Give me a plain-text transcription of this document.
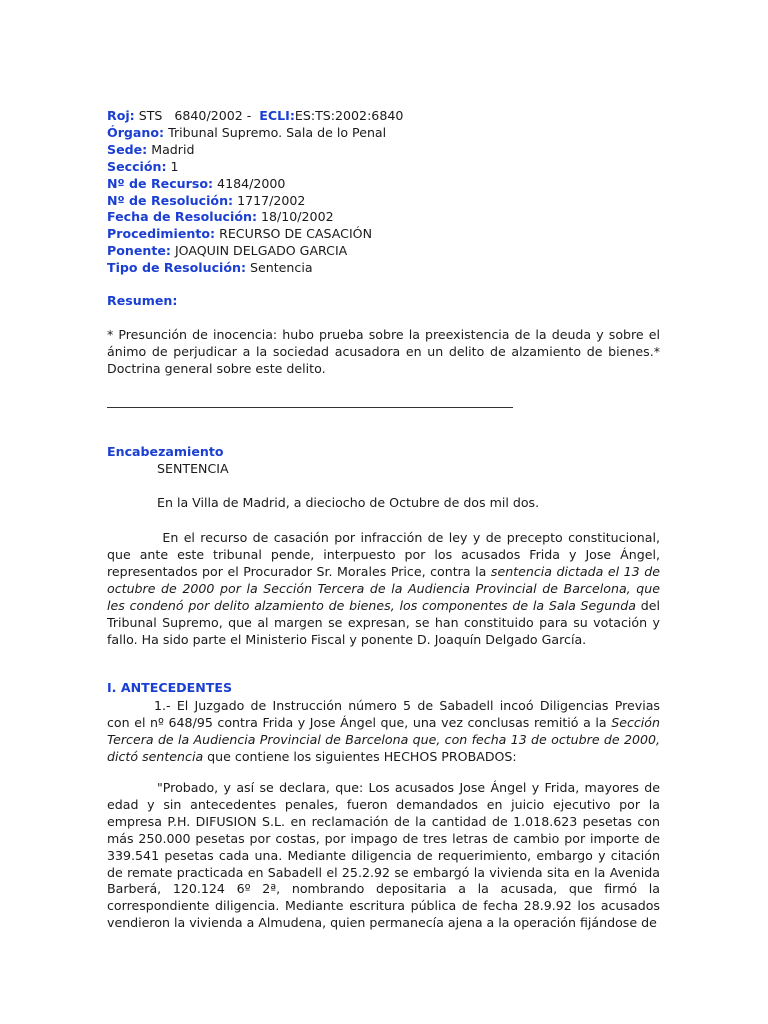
Roj: STS   6840/2002 -  ECLI:ES:TS:2002:6840
Órgano: Tribunal Supremo. Sala de lo Penal
Sede: Madrid
Sección: 1
Nº de Recurso: 4184/2000
Nº de Resolución: 1717/2002
Fecha de Resolución: 18/10/2002
Procedimiento: RECURSO DE CASACIÓN
Ponente: JOAQUIN DELGADO GARCIA
Tipo de Resolución: Sentencia
Resumen:
* Presunción de inocencia: hubo prueba sobre la preexistencia de la deuda y sobre el ánimo de perjudicar a la sociedad acusadora en un delito de alzamiento de bienes.* Doctrina general sobre este delito.
Encabezamiento
SENTENCIA
En la Villa de Madrid, a dieciocho de Octubre de dos mil dos.
En el recurso de casación por infracción de ley y de precepto constitucional, que ante este tribunal pende, interpuesto por los acusados Frida y Jose Ángel, representados por el Procurador Sr. Morales Price, contra la sentencia dictada el 13 de octubre de 2000 por la Sección Tercera de la Audiencia Provincial de Barcelona, que les condenó por delito alzamiento de bienes, los componentes de la Sala Segunda del Tribunal Supremo, que al margen se expresan, se han constituido para su votación y fallo. Ha sido parte el Ministerio Fiscal y ponente D. Joaquín Delgado García.
I. ANTECEDENTES
1.- El Juzgado de Instrucción número 5 de Sabadell incoó Diligencias Previas con el nº 648/95 contra Frida y Jose Ángel que, una vez conclusas remitió a la Sección Tercera de la Audiencia Provincial de Barcelona que, con fecha 13 de octubre de 2000, dictó sentencia que contiene los siguientes HECHOS PROBADOS:
"Probado, y así se declara, que: Los acusados Jose Ángel y Frida, mayores de edad y sin antecedentes penales, fueron demandados en juicio ejecutivo por la empresa P.H. DIFUSION S.L. en reclamación de la cantidad de 1.018.623 pesetas con más 250.000 pesetas por costas, por impago de tres letras de cambio por importe de 339.541 pesetas cada una. Mediante diligencia de requerimiento, embargo y citación de remate practicada en Sabadell el 25.2.92 se embargó la vivienda sita en la Avenida Barberá, 120.124 6º 2ª, nombrando depositaria a la acusada, que firmó la correspondiente diligencia. Mediante escritura pública de fecha 28.9.92 los acusados vendieron la vivienda a Almudena, quien permanecía ajena a la operación fijándose de
